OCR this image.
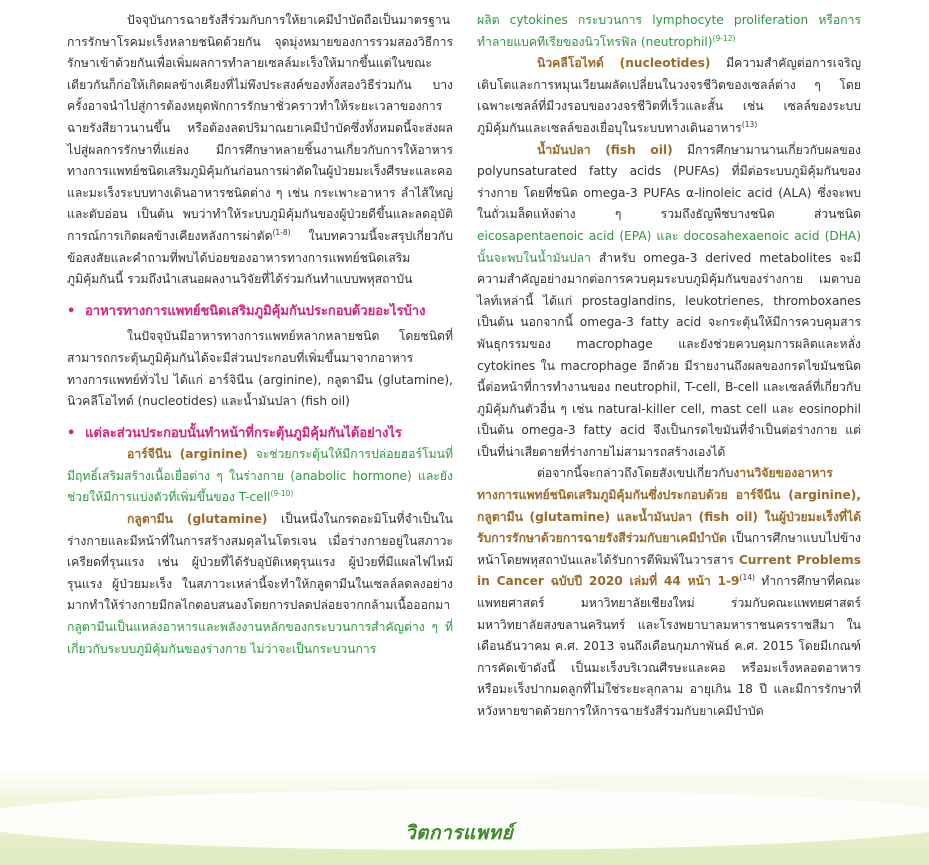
ปัจจุบันการฉายรังสีร่วมกับการให้ยาเคมีบำบัดถือเป็นมาตรฐานการรักษาโรคมะเร็งหลายชนิดด้วยกัน จุดมุ่งหมายของการรวมสองวิธีการรักษาเข้าด้วยกันเพื่อเพิ่มผลการทำลายเซลล์มะเร็งให้มากขึ้นแต่ในขณะเดียวกันก็ก่อให้เกิดผลข้างเคียงที่ไม่พึงประสงค์ของทั้งสองวิธีร่วมกัน บางครั้งอาจนำไปสู่การต้องหยุดพักการรักษาชั่วคราวทำให้ระยะเวลาของการฉายรังสียาวนานขึ้น หรือต้องลดปริมาณยาเคมีบำบัดซึ่งทั้งหมดนี้จะส่งผลไปสู่ผลการรักษาที่แย่ลง มีการศึกษาหลายชิ้นงานเกี่ยวกับการให้อาหารทางการแพทย์ชนิดเสริมภูมิคุ้มกันก่อนการผ่าตัดในผู้ป่วยมะเร็งศีรษะและคอ และมะเร็งระบบทางเดินอาหารชนิดต่าง ๆ เช่น กระเพาะอาหาร ลำไส้ใหญ่ และตับอ่อน เป็นต้น พบว่าทำให้ระบบภูมิคุ้มกันของผู้ป่วยดีขึ้นและลดอุบัติการณ์การเกิดผลข้างเคียงหลังการผ่าตัด$^{(1-8)}$ ในบทความนี้จะสรุปเกี่ยวกับข้อสงสัยและคำถามที่พบได้บ่อยของอาหารทางการแพทย์ชนิดเสริมภูมิคุ้มกันนี้ รวมถึงนำเสนอผลงานวิจัยที่ได้ร่วมกันทำแบบพหุสถาบัน

• อาหารทางการแพทย์ชนิดเสริมภูมิคุ้มกันประกอบด้วยอะไรบ้าง

ในปัจจุบันมีอาหารทางการแพทย์หลากหลายชนิด โดยชนิดที่สามารถกระตุ้นภูมิคุ้มกันได้จะมีส่วนประกอบที่เพิ่มขึ้นมาจากอาหารทางการแพทย์ทั่วไป ได้แก่ อาร์จินีน (arginine), กลูตามีน (glutamine), นิวคลีโอไทด์ (nucleotides) และน้ำมันปลา (fish oil)

• แต่ละส่วนประกอบนั้นทำหน้าที่กระตุ้นภูมิคุ้มกันได้อย่างไร

อาร์จีนีน (arginine) จะช่วยกระตุ้นให้มีการปล่อยฮอร์โมนที่มีฤทธิ์เสริมสร้างเนื้อเยื่อต่าง ๆ ในร่างกาย (anabolic hormone) และยังช่วยให้มีการแบ่งตัวที่เพิ่มขึ้นของ T-cell$^{(9-10)}$

กลูตามีน (glutamine) เป็นหนึ่งในกรดอะมิโนที่จำเป็นในร่างกายและมีหน้าที่ในการสร้างสมดุลไนโตรเจน เมื่อร่างกายอยู่ในสภาวะเครียดที่รุนแรง เช่น ผู้ป่วยที่ได้รับอุบัติเหตุรุนแรง ผู้ป่วยที่มีแผลไฟไหม้รุนแรง ผู้ป่วยมะเร็ง ในสภาวะเหล่านี้จะทำให้กลูตามีนในเซลล์ลดลงอย่างมากทำให้ร่างกายมีกลไกตอบสนองโดยการปลดปล่อยจากกล้ามเนื้อออกมา กลูตามีนเป็นแหล่งอาหารและพลังงานหลักของกระบวนการสำคัญต่าง ๆ ที่เกี่ยวกับระบบภูมิคุ้มกันของร่างกาย ไม่ว่าจะเป็นกระบวนการ

ผลิต cytokines กระบวนการ lymphocyte proliferation หรือการทำลายแบคทีเรียของนิวโทรฟิล (neutrophil)$^{(9-12)}$

นิวคลีโอไทด์ (nucleotides) มีความสำคัญต่อการเจริญเติบโตและการหมุนเวียนผลัดเปลี่ยนในวงจรชีวิตของเซลล์ต่าง ๆ โดยเฉพาะเซลล์ที่มีวงรอบของวงจรชีวิตที่เร็วและสั้น เช่น เซลล์ของระบบภูมิคุ้มกันและเซลล์ของเยื่อบุในระบบทางเดินอาหาร$^{(13)}$

น้ำมันปลา (fish oil) มีการศึกษามานานเกี่ยวกับผลของ polyunsaturated fatty acids (PUFAs) ที่มีต่อระบบภูมิคุ้มกันของร่างกาย โดยที่ชนิด omega-3 PUFAs α-linoleic acid (ALA) ซึ่งจะพบในถั่วเมล็ดแห้งต่าง ๆ รวมถึงธัญพืชบางชนิด ส่วนชนิด eicosapentaenoic acid (EPA) และ docosahexaenoic acid (DHA) นั้นจะพบในน้ำมันปลา สำหรับ omega-3 derived metabolites จะมีความสำคัญอย่างมากต่อการควบคุมระบบภูมิคุ้มกันของร่างกาย เมตาบอไลท์เหล่านี้ ได้แก่ prostaglandins, leukotrienes, thromboxanes เป็นต้น นอกจากนี้ omega-3 fatty acid จะกระตุ้นให้มีการควบคุมสารพันธุกรรมของ macrophage และยังช่วยควบคุมการผลิตและหลั่ง cytokines ใน macrophage อีกด้วย มีรายงานถึงผลของกรดไขมันชนิดนี้ต่อหน้าที่การทำงานของ neutrophil, T-cell, B-cell และเซลล์ที่เกี่ยวกับภูมิคุ้มกันตัวอื่น ๆ เช่น natural-killer cell, mast cell และ eosinophil เป็นต้น omega-3 fatty acid จึงเป็นกรดไขมันที่จำเป็นต่อร่างกาย แต่เป็นที่น่าเสียดายที่ร่างกายไม่สามารถสร้างเองได้

ต่อจากนี้จะกล่าวถึงโดยสังเขปเกี่ยวกับงานวิจัยของอาหารทางการแพทย์ชนิดเสริมภูมิคุ้มกันซึ่งประกอบด้วย อาร์จีนีน (arginine), กลูตามีน (glutamine) และน้ำมันปลา (fish oil) ในผู้ป่วยมะเร็งที่ได้รับการรักษาด้วยการฉายรังสีร่วมกับยาเคมีบำบัด เป็นการศึกษาแบบไปข้างหน้าโดยพหุสถาบันและได้รับการตีพิมพ์ในวารสาร Current Problems in Cancer ฉบับปี 2020 เล่มที่ 44 หน้า 1-9$^{(14)}$ ทำการศึกษาที่คณะแพทยศาสตร์ มหาวิทยาลัยเชียงใหม่ ร่วมกับคณะแพทยศาสตร์มหาวิทยาลัยสงขลานครินทร์ และโรงพยาบาลมหาราชนครราชสีมา ในเดือนธันวาคม ค.ศ. 2013 จนถึงเดือนกุมภาพันธ์ ค.ศ. 2015 โดยมีเกณฑ์การคัดเข้าดังนี้ เป็นมะเร็งบริเวณศีรษะและคอ หรือมะเร็งหลอดอาหาร หรือมะเร็งปากมดลูกที่ไม่ใช่ระยะลุกลาม อายุเกิน 18 ปี และมีการรักษาที่หวังหายขาดด้วยการให้การฉายรังสีร่วมกับยาเคมีบำบัด

วิตการแพทย์
